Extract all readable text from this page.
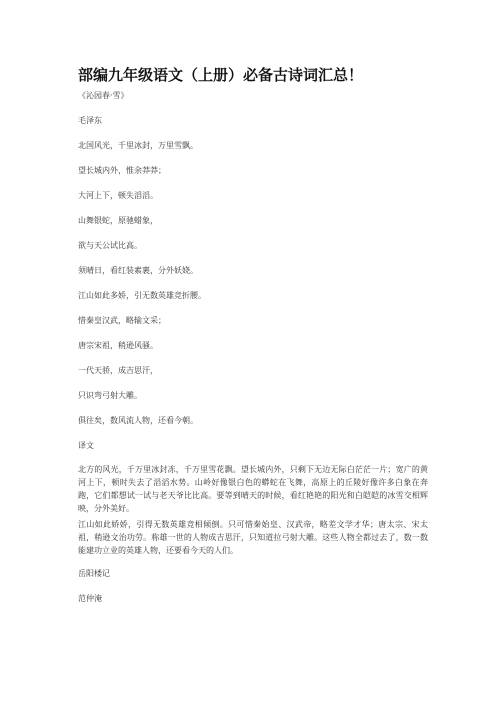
部编九年级语文（上册）必备古诗词汇总！
《沁园春·雪》
毛泽东
北国风光，千里冰封，万里雪飘。
望长城内外，惟余莽莽；
大河上下，顿失滔滔。
山舞银蛇，原驰蜡象，
欲与天公试比高。
须晴日，看红装素裹，分外妖娆。
江山如此多娇，引无数英雄竞折腰。
惜秦皇汉武，略输文采；
唐宗宋祖，稍逊风骚。
一代天骄，成吉思汗，
只识弯弓射大雕。
俱往矣，数风流人物，还看今朝。
译文
北方的风光，千万里冰封冻，千万里雪花飘。望长城内外，只剩下无边无际白茫茫一片；宽广的黄河上下，顿时失去了滔滔水势。山岭好像银白色的蟒蛇在飞舞，高原上的丘陵好像许多白象在奔跑，它们都想试一试与老天爷比比高。要等到晴天的时候，看红艳艳的阳光和白皑皑的冰雪交相辉映，分外美好。
江山如此娇娇，引得无数英雄竞相倾倒。只可惜秦始皇、汉武帝，略差文学才华；唐太宗、宋太祖，稍逊文治功劳。称雄一世的人物成吉思汗，只知道拉弓射大雕。这些人物全都过去了，数一数能建功立业的英雄人物，还要看今天的人们。
岳阳楼记
范仲淹
